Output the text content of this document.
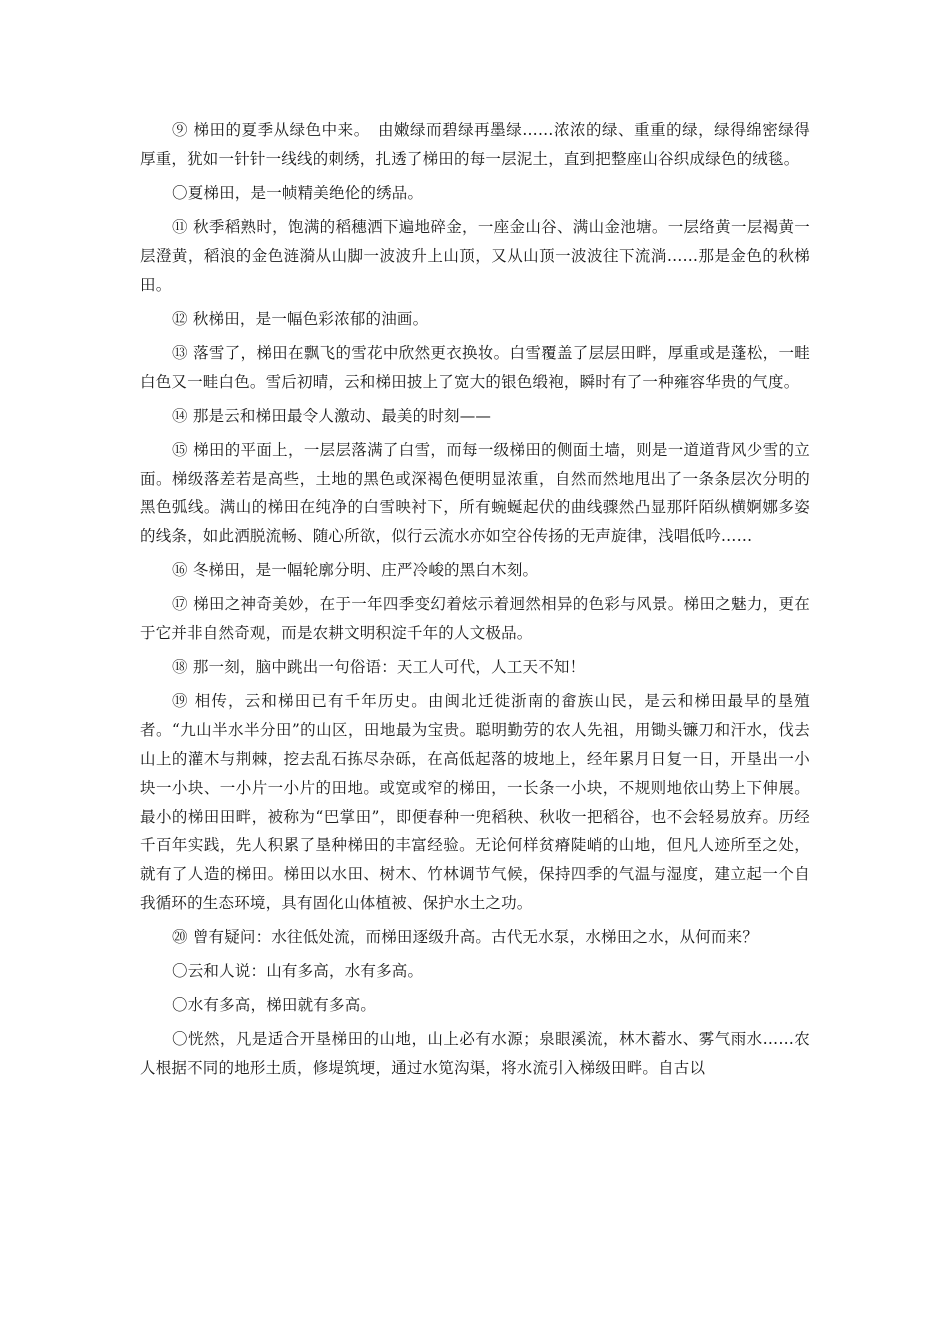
⑨ 梯田的夏季从绿色中来。　由嫩绿而碧绿再墨绿……浓浓的绿、重重的绿，绿得绵密绿得厚重，犹如一针针一线线的刺绣，扎透了梯田的每一层泥土，直到把整座山谷织成绿色的绒毯。

〇夏梯田，是一帧精美绝伦的绣品。

⑪ 秋季稻熟时，饱满的稻穗洒下遍地碎金，一座金山谷、满山金池塘。一层络黄一层褐黄一层澄黄，稻浪的金色涟漪从山脚一波波升上山顶，又从山顶一波波往下流淌……那是金色的秋梯田。

⑫ 秋梯田，是一幅色彩浓郁的油画。

⑬ 落雪了，梯田在飘飞的雪花中欣然更衣换妆。白雪覆盖了层层田畔，厚重或是蓬松，一畦白色又一畦白色。雪后初晴，云和梯田披上了宽大的银色缎袍，瞬时有了一种雍容华贵的气度。

⑭ 那是云和梯田最令人激动、最美的时刻——

⑮ 梯田的平面上，一层层落满了白雪，而每一级梯田的侧面土墙，则是一道道背风少雪的立面。梯级落差若是高些，土地的黑色或深褐色便明显浓重，自然而然地甩出了一条条层次分明的黑色弧线。满山的梯田在纯净的白雪映衬下，所有蜿蜒起伏的曲线骤然凸显那阡陌纵横婀娜多姿的线条，如此洒脱流畅、随心所欲，似行云流水亦如空谷传扬的无声旋律，浅唱低吟……

⑯ 冬梯田，是一幅轮廓分明、庄严冷峻的黑白木刻。

⑰ 梯田之神奇美妙，在于一年四季变幻着炫示着迥然相异的色彩与风景。梯田之魅力，更在于它并非自然奇观，而是农耕文明积淀千年的人文极品。

⑱ 那一刻，脑中跳出一句俗语：天工人可代，人工天不知！

⑲ 相传，云和梯田已有千年历史。由闽北迁徙浙南的畲族山民，是云和梯田最早的垦殖者。“九山半水半分田”的山区，田地最为宝贵。聪明勤劳的农人先祖，用锄头镰刀和汗水，伐去山上的灌木与荆棘，挖去乱石拣尽杂砾，在高低起落的坡地上，经年累月日复一日，开垦出一小块一小块、一小片一小片的田地。或宽或窄的梯田，一长条一小块，不规则地依山势上下伸展。最小的梯田田畔，被称为“巴掌田”，即便春种一兜稻秧、秋收一把稻谷，也不会轻易放弃。历经千百年实践，先人积累了垦种梯田的丰富经验。无论何样贫瘠陡峭的山地，但凡人迹所至之处，就有了人造的梯田。梯田以水田、树木、竹林调节气候，保持四季的气温与湿度，建立起一个自我循环的生态环境，具有固化山体植被、保护水土之功。

⑳ 曾有疑问：水往低处流，而梯田逐级升高。古代无水泵，水梯田之水，从何而来？

〇云和人说：山有多高，水有多高。

〇水有多高，梯田就有多高。

〇恍然，凡是适合开垦梯田的山地，山上必有水源；泉眼溪流，林木蓄水、雾气雨水……农人根据不同的地形土质，修堤筑埂，通过水笕沟渠，将水流引入梯级田畔。自古以
